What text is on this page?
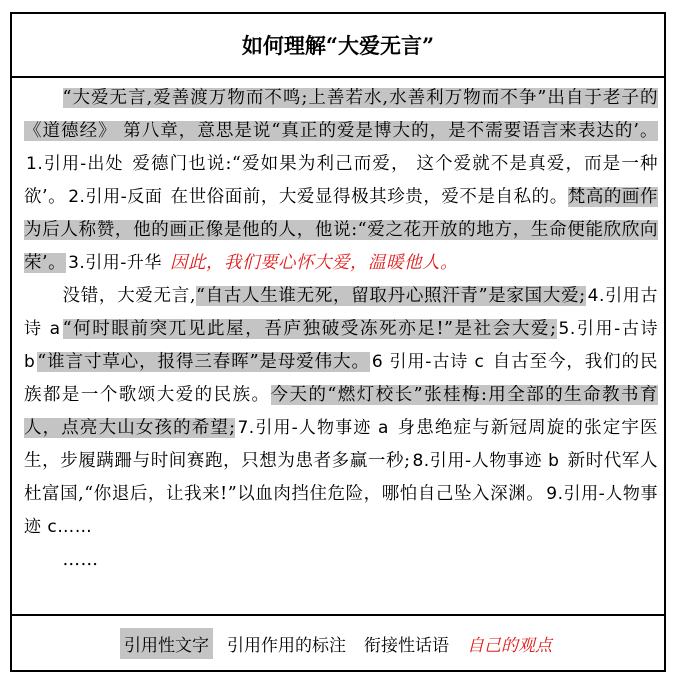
如何理解“大爱无言”

“大爱无言,爱善渡万物而不鸣;上善若水,水善利万物而不争”出自于老子的《道德经》 第八章，意思是说“真正的爱是博大的，是不需要语言来表达的’。1.引用-出处 爱德门也说:“爱如果为利己而爱， 这个爱就不是真爱，而是一种欲’。 2.引用-反面 在世俗面前，大爱显得极其珍贵，爱不是自私的。梵高的画作为后人称赞，他的画正像是他的人，他说:“爱之花开放的地方，生命便能欣欣向荣’。 3.引用-升华 因此，我们要心怀大爱，温暖他人。

没错，大爱无言,“自古人生谁无死，留取丹心照汗青”是家国大爱; 4.引用古诗 a “何时眼前突兀见此屋，吾庐独破受冻死亦足!”是社会大爱; 5.引用-古诗 b “谁言寸草心，报得三春晖”是母爱伟大。 6 引用-古诗 c 自古至今，我们的民族都是一个歌颂大爱的民族。今天的“燃灯校长”张桂梅:用全部的生命教书育人，点亮大山女孩的希望; 7.引用-人物事迹 a 身患绝症与新冠周旋的张定宇医生，步履蹒跚与时间赛跑，只想为患者多赢一秒; 8.引用-人物事迹 b 新时代军人杜富国,“你退后，让我来!”以血肉挡住危险，哪怕自己坠入深渊。 9.引用-人物事迹 c……

……

引用性文字 引用作用的标注 衔接性话语 自己的观点
